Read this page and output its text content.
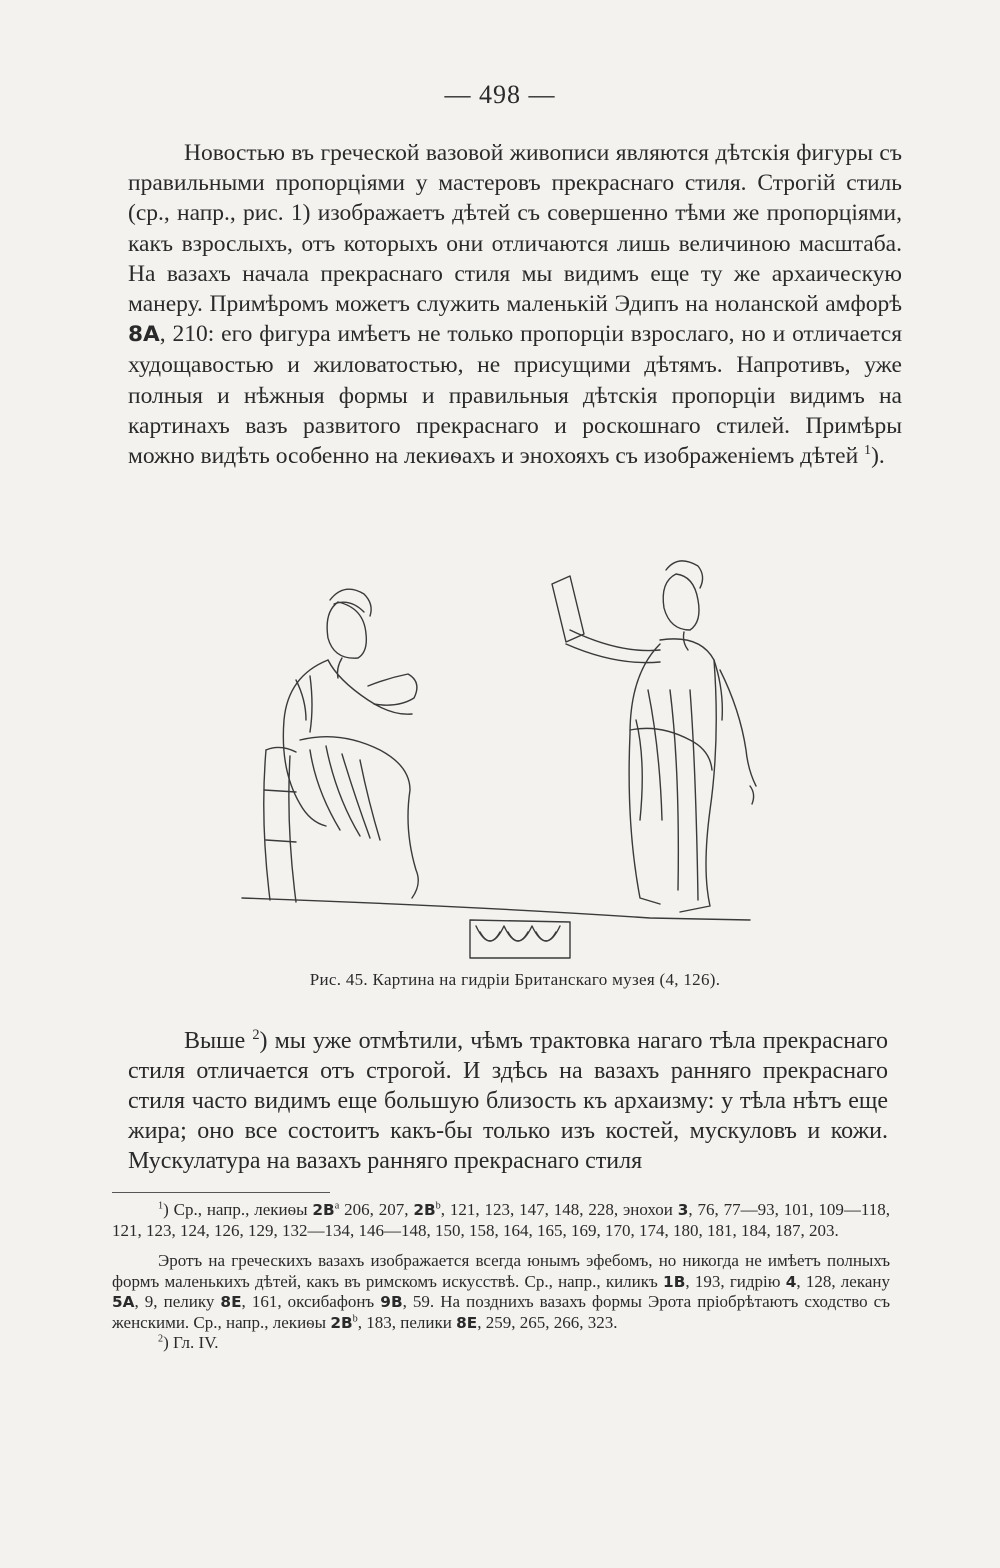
— 498 —

Новостью въ греческой вазовой живописи являются дѣтскія фигуры съ правильными пропорціями у мастеровъ прекраснаго стиля. Строгій стиль (ср., напр., рис. 1) изображаетъ дѣтей съ совершенно тѣми же пропорціями, какъ взрослыхъ, отъ которыхъ они отличаются лишь величиною масштаба. На вазахъ начала прекраснаго стиля мы видимъ еще ту же архаическую манеру. Примѣромъ можетъ служить маленькій Эдипъ на ноланской амфорѣ 8A, 210: его фигура имѣетъ не только пропорціи взрослаго, но и отличается худощавостью и жиловатостью, не присущими дѣтямъ. Напротивъ, уже полныя и нѣжныя формы и правильныя дѣтскія пропорціи видимъ на картинахъ вазъ развитого прекраснаго и роскошнаго стилей. Примѣры можно видѣть особенно на лекиѳахъ и энохояхъ съ изображеніемъ дѣтей $^1$).

Рис. 45. Картина на гидріи Британскаго музея (4, 126).

Выше $^2$) мы уже отмѣтили, чѣмъ трактовка нагаго тѣла прекраснаго стиля отличается отъ строгой. И здѣсь на вазахъ ранняго прекраснаго стиля часто видимъ еще большую близость къ архаизму: у тѣла нѣтъ еще жира; оно все состоитъ какъ-бы только изъ костей, мускуловъ и кожи. Мускулатура на вазахъ ранняго прекраснаго стиля

$^1$) Ср., напр., лекиѳы $2B^a$ 206, 207, $2B^b$, 121, 123, 147, 148, 228, энохои 3, 76, 77—93, 101, 109—118, 121, 123, 124, 126, 129, 132—134, 146—148, 150, 158, 164, 165, 169, 170, 174, 180, 181, 184, 187, 203.

Эротъ на греческихъ вазахъ изображается всегда юнымъ эфебомъ, но никогда не имѣетъ полныхъ формъ маленькихъ дѣтей, какъ въ римскомъ искусствѣ. Ср., напр., киликъ 1B, 193, гидрію 4, 128, лекану 5A, 9, пелику 8E, 161, оксибафонъ 9B, 59. На позднихъ вазахъ формы Эрота пріобрѣтаютъ сходство съ женскими. Ср., напр., лекиѳы $2B^b$, 183, пелики 8E, 259, 265, 266, 323.

$^2$) Гл. IV.
